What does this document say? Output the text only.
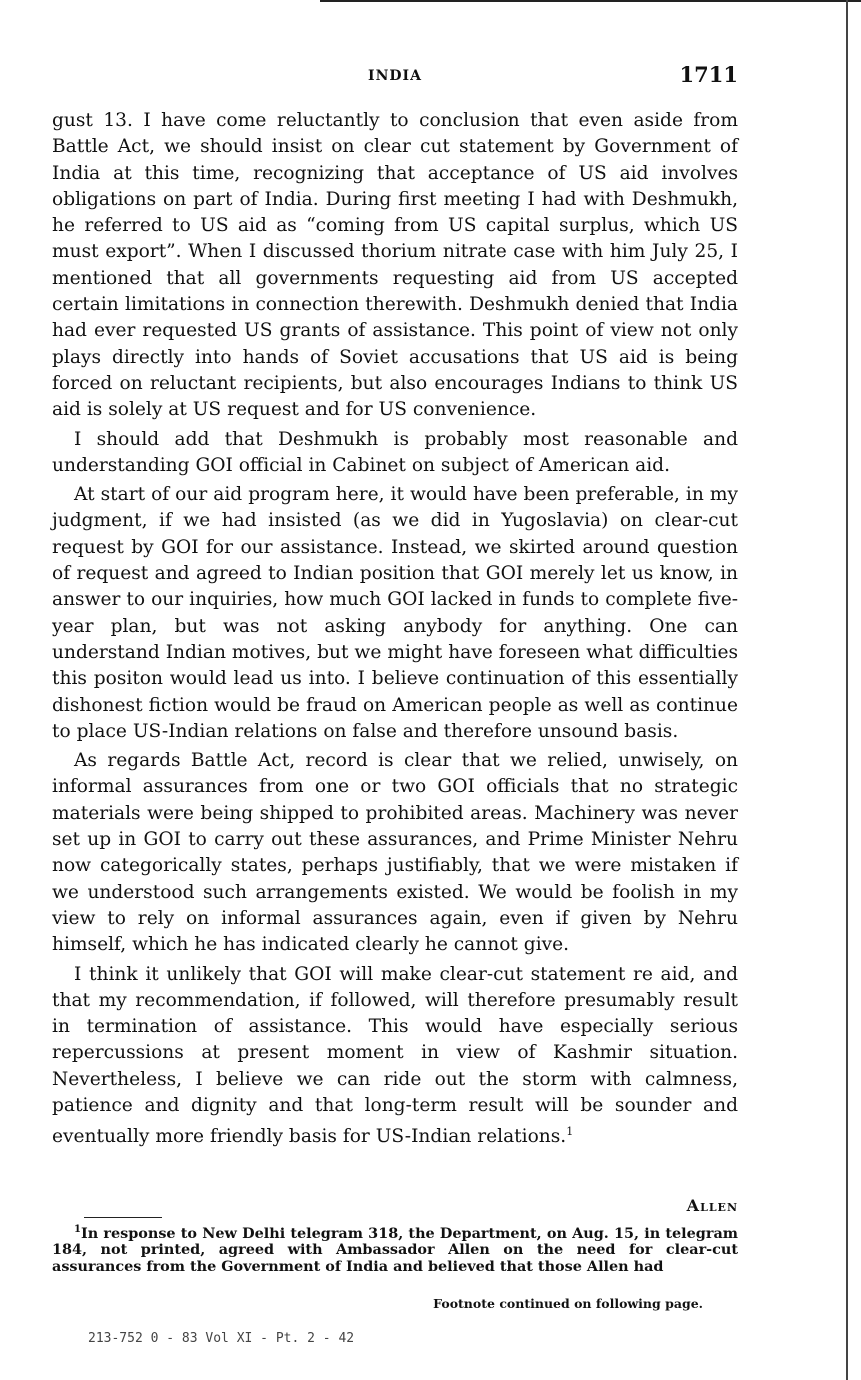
INDIA	1711

gust 13. I have come reluctantly to conclusion that even aside from Battle Act, we should insist on clear cut statement by Government of India at this time, recognizing that acceptance of US aid involves obligations on part of India. During first meeting I had with Deshmukh, he referred to US aid as “coming from US capital surplus, which US must export”. When I discussed thorium nitrate case with him July 25, I mentioned that all governments requesting aid from US accepted certain limitations in connection therewith. Deshmukh denied that India had ever requested US grants of assistance. This point of view not only plays directly into hands of Soviet accusations that US aid is being forced on reluctant recipients, but also encourages Indians to think US aid is solely at US request and for US convenience.

I should add that Deshmukh is probably most reasonable and understanding GOI official in Cabinet on subject of American aid.

At start of our aid program here, it would have been preferable, in my judgment, if we had insisted (as we did in Yugoslavia) on clear-cut request by GOI for our assistance. Instead, we skirted around question of request and agreed to Indian position that GOI merely let us know, in answer to our inquiries, how much GOI lacked in funds to complete five-year plan, but was not asking anybody for anything. One can understand Indian motives, but we might have foreseen what difficulties this positon would lead us into. I believe continuation of this essentially dishonest fiction would be fraud on American people as well as continue to place US-Indian relations on false and therefore unsound basis.

As regards Battle Act, record is clear that we relied, unwisely, on informal assurances from one or two GOI officials that no strategic materials were being shipped to prohibited areas. Machinery was never set up in GOI to carry out these assurances, and Prime Minister Nehru now categorically states, perhaps justifiably, that we were mistaken if we understood such arrangements existed. We would be foolish in my view to rely on informal assurances again, even if given by Nehru himself, which he has indicated clearly he cannot give.

I think it unlikely that GOI will make clear-cut statement re aid, and that my recommendation, if followed, will therefore presumably result in termination of assistance. This would have especially serious repercussions at present moment in view of Kashmir situation. Nevertheless, I believe we can ride out the storm with calmness, patience and dignity and that long-term result will be sounder and eventually more friendly basis for US-Indian relations.$^1$

Allen
$^1$In response to New Delhi telegram 318, the Department, on Aug. 15, in telegram 184, not printed, agreed with Ambassador Allen on the need for clear-cut assurances from the Government of India and believed that those Allen had
Footnote continued on following page.
213-752 0 - 83 Vol XI - Pt. 2 - 42
